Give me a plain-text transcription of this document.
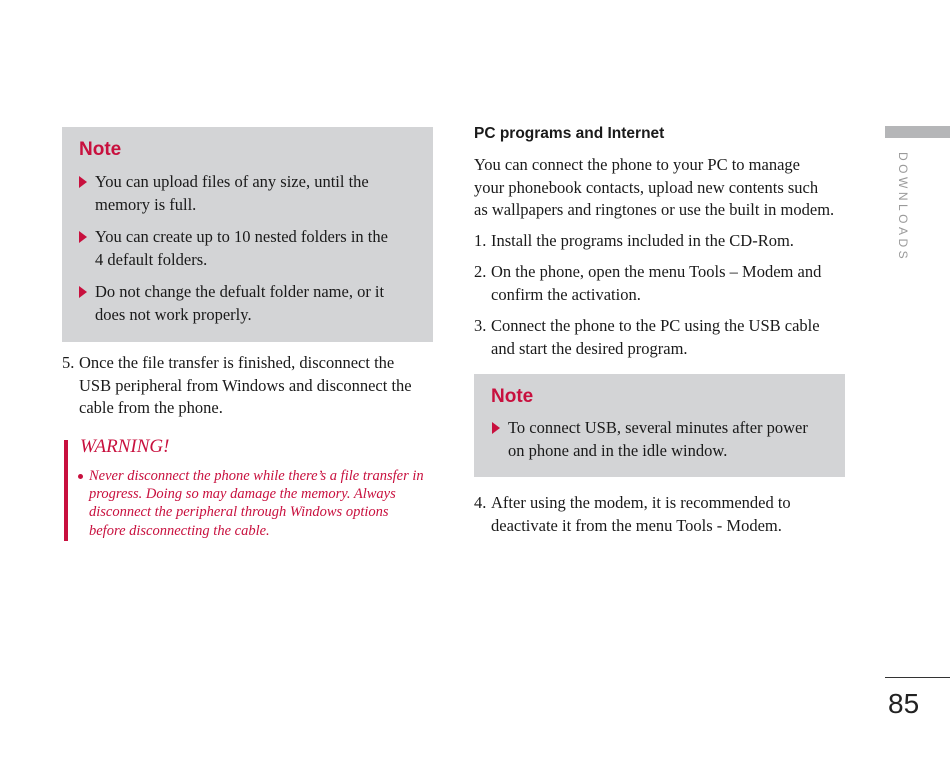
Note
You can upload files of any size, until the
memory is full.
You can create up to 10 nested folders in the
4 default folders.
Do not change the defualt folder name, or it
does not work properly.
5. Once the file transfer is finished, disconnect the
USB peripheral from Windows and disconnect the
cable from the phone.
WARNING!
Never disconnect the phone while there’s a file transfer in
progress. Doing so may damage the memory. Always
disconnect the peripheral through Windows options
before disconnecting the cable.
PC programs and Internet
You can connect the phone to your PC to manage
your phonebook contacts, upload new contents such
as wallpapers and ringtones or use the built in modem.
1. Install the programs included in the CD-Rom.
2. On the phone, open the menu Tools – Modem and
confirm the activation.
3. Connect the phone to the PC using the USB cable
and start the desired program.
Note
To connect USB, several minutes after power
on phone and in the idle window.
4. After using the modem, it is recommended to
deactivate it from the menu Tools - Modem.
DOWNLOADS
85
